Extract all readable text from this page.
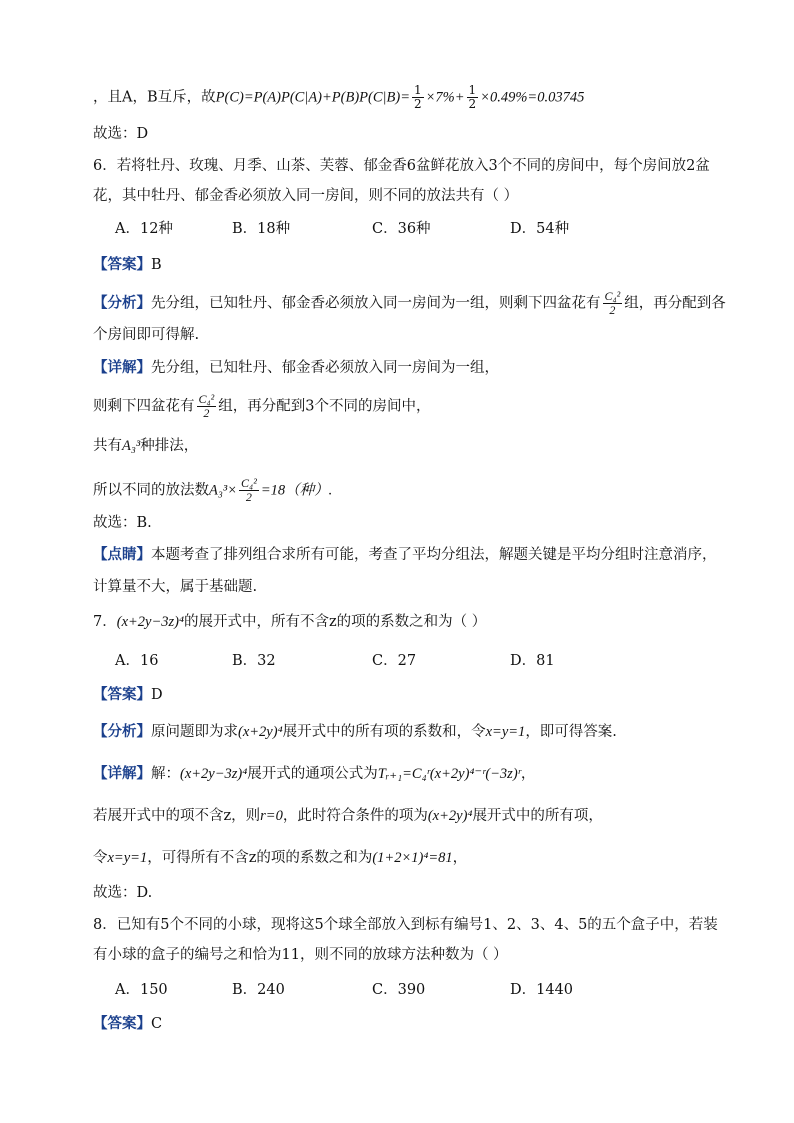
，且A，B互斥，故$P(C)=P(A)P(C|A)+P(B)P(C|B)= \frac{1}{2} \times 7\%+ \frac{1}{2} \times 0.49\%=0.03745$
故选：D
6．若将牡丹、玫瑰、月季、山茶、芙蓉、郁金香6盆鲜花放入3个不同的房间中，每个房间放2盆
花，其中牡丹、郁金香必须放入同一房间，则不同的放法共有（ ）
A．12种	B．18种	C．36种	D．54种
【答案】B
【分析】先分组，已知牡丹、郁金香必须放入同一房间为一组，则剩下四盆花有 $\frac{\text{C₄²}}{2}$ 组，再分配到各
个房间即可得解.
【详解】先分组，已知牡丹、郁金香必须放入同一房间为一组，
则剩下四盆花有 $\frac{\text{C₄²}}{2}$ 组，再分配到3个不同的房间中，
共有A₃³种排法，
所以不同的放法数$A_3^3\times \frac{\text{C₄²}}{2} =18$（种）.
故选：B.
【点睛】本题考查了排列组合求所有可能，考查了平均分组法，解题关键是平均分组时注意消序，
计算量不大，属于基础题.
7．(x+2y−3z)⁴的展开式中，所有不含z的项的系数之和为（ ）
A．16	B．32	C．27	D．81
【答案】D
【分析】原问题即为求(x+2y)⁴展开式中的所有项的系数和，令x=y=1，即可得答案.
【详解】解：(x+2y−3z)⁴展开式的通项公式为Tᵣ₊₁=C₄ʳ(x+2y)⁴⁻ʳ(−3z)ʳ，
若展开式中的项不含z，则r=0，此时符合条件的项为(x+2y)⁴展开式中的所有项，
令x=y=1，可得所有不含z的项的系数之和为(1+2×1)⁴=81，
故选：D.
8．已知有5个不同的小球，现将这5个球全部放入到标有编号1、2、3、4、5的五个盒子中，若装
有小球的盒子的编号之和恰为11，则不同的放球方法种数为（ ）
A．150	B．240	C．390	D．1440
【答案】C
